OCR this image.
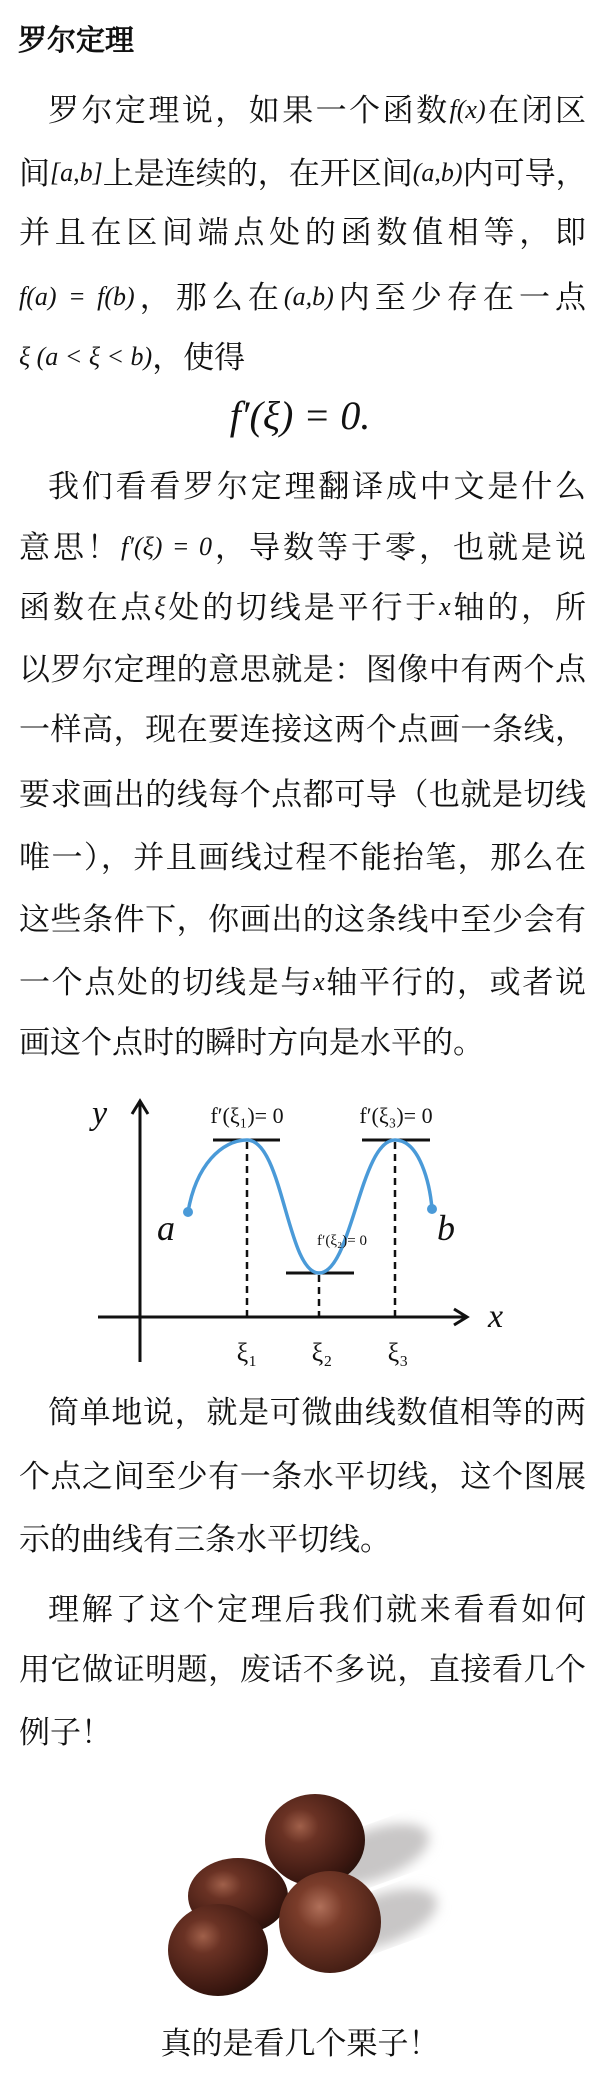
罗尔定理
罗尔定理说，如果一个函数f(x)在闭区
间[a,b]上是连续的，在开区间(a,b)内可导，
并且在区间端点处的函数值相等，即
f(a) = f(b)，那么在(a,b)内至少存在一点
ξ (a < ξ < b)，使得
我们看看罗尔定理翻译成中文是什么
意思！f′(ξ) = 0，导数等于零，也就是说
函数在点ξ处的切线是平行于x轴的，所
以罗尔定理的意思就是：图像中有两个点
一样高，现在要连接这两个点画一条线，
要求画出的线每个点都可导（也就是切线
唯一），并且画线过程不能抬笔，那么在
这些条件下，你画出的这条线中至少会有
一个点处的切线是与x轴平行的，或者说
画这个点时的瞬时方向是水平的。
简单地说，就是可微曲线数值相等的两
个点之间至少有一条水平切线，这个图展
示的曲线有三条水平切线。
理解了这个定理后我们就来看看如何
用它做证明题，废话不多说，直接看几个
例子！
f′(ξ) = 0.
y
x
a	b
f′(ξ₁)= 0
f′(ξ₂)= 0
f′(ξ₃)= 0
ξ₁ ξ₂ ξ₃
真的是看几个栗子！
